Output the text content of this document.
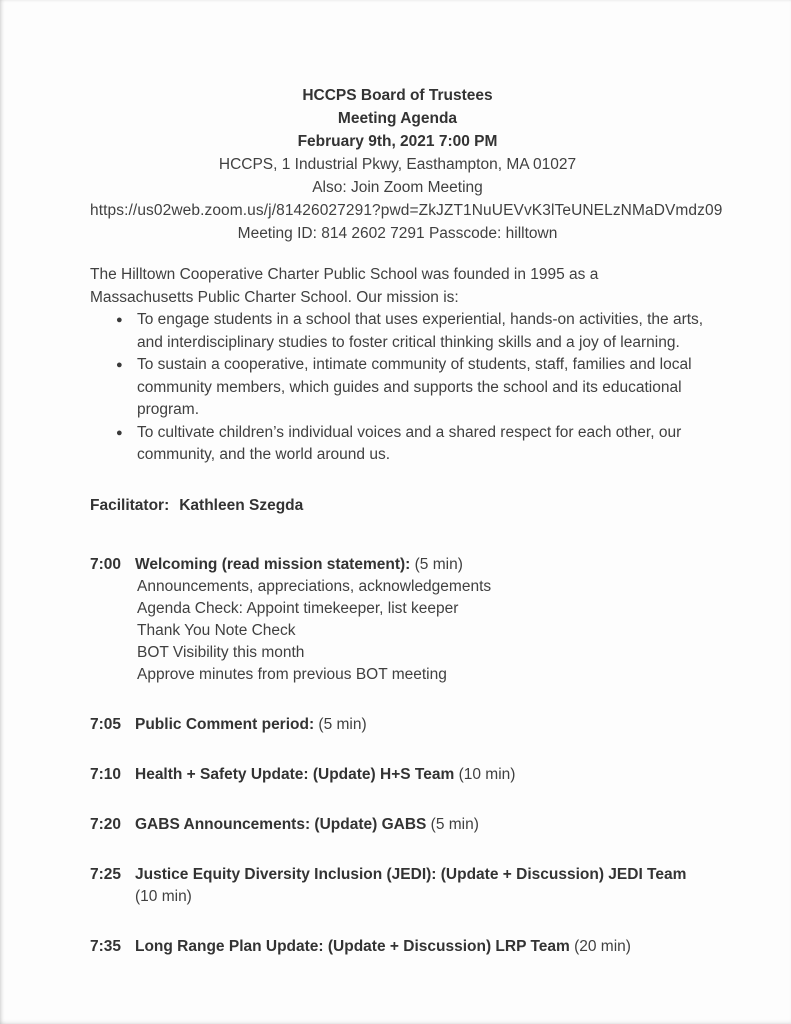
HCCPS Board of Trustees
Meeting Agenda
February 9th, 2021 7:00 PM
HCCPS, 1 Industrial Pkwy, Easthampton, MA 01027
Also: Join Zoom Meeting
https://us02web.zoom.us/j/81426027291?pwd=ZkJZT1NuUEVvK3lTeUNELzNMaDVmdz09
Meeting ID: 814 2602 7291 Passcode: hilltown

The Hilltown Cooperative Charter Public School was founded in 1995 as a Massachusetts Public Charter School. Our mission is:

● To engage students in a school that uses experiential, hands-on activities, the arts, and interdisciplinary studies to foster critical thinking skills and a joy of learning.
● To sustain a cooperative, intimate community of students, staff, families and local community members, which guides and supports the school and its educational program.
● To cultivate children’s individual voices and a shared respect for each other, our community, and the world around us.
Facilitator: Kathleen Szegda
7:00 Welcoming (read mission statement): (5 min)
Announcements, appreciations, acknowledgements
Agenda Check: Appoint timekeeper, list keeper
Thank You Note Check
BOT Visibility this month
Approve minutes from previous BOT meeting
7:05 Public Comment period: (5 min)
7:10 Health + Safety Update: (Update) H+S Team (10 min)
7:20 GABS Announcements: (Update) GABS (5 min)
7:25 Justice Equity Diversity Inclusion (JEDI): (Update + Discussion) JEDI Team (10 min)
7:35 Long Range Plan Update: (Update + Discussion) LRP Team (20 min)
